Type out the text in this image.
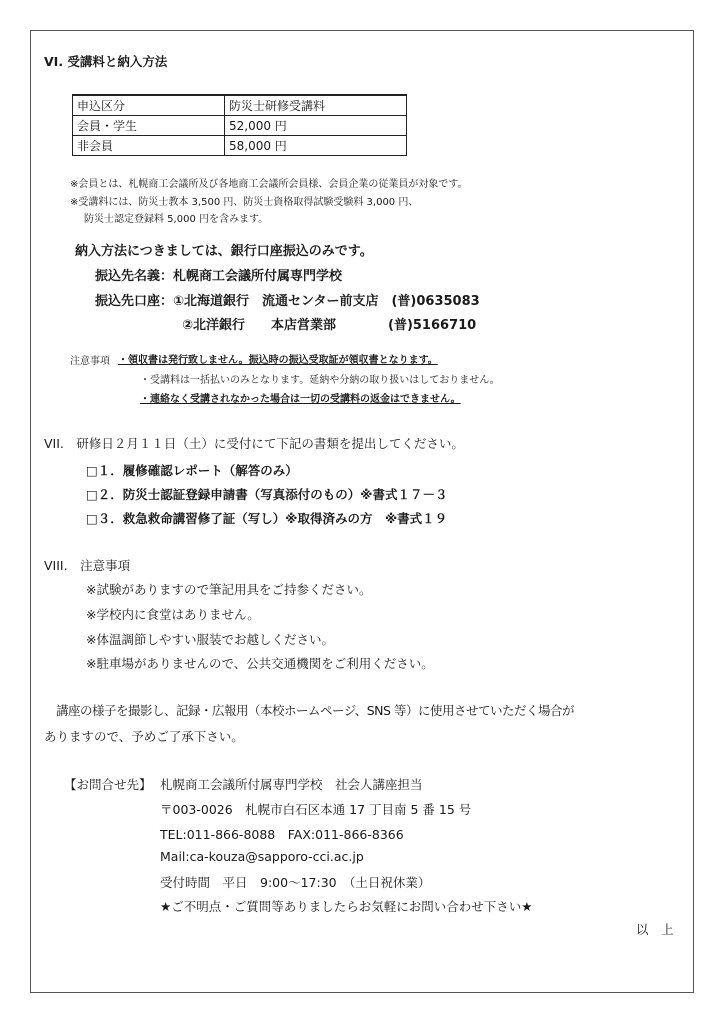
VI. 受講料と納入方法
申込区分	防災士研修受講料
会員・学生	52,000 円
非会員	58,000 円
※会員とは、札幌商工会議所及び各地商工会議所会員様、会員企業の従業員が対象です。
※受講料には、防災士教本 3,500 円、防災士資格取得試験受験料 3,000 円、
防災士認定登録料 5,000 円を含みます。
納入方法につきましては、銀行口座振込のみです。
振込先名義：札幌商工会議所付属専門学校
振込先口座：①北海道銀行　流通センター前支店　(普)0635083
②北洋銀行　　本店営業部　　　　(普)5166710
注意事項 ・領収書は発行致しません。振込時の振込受取証が領収書となります。
・受講料は一括払いのみとなります。延納や分納の取り扱いはしておりません。
・連絡なく受講されなかった場合は一切の受講料の返金はできません。
VII.　研修日２月１１日（土）に受付にて下記の書類を提出してください。
□１．履修確認レポート（解答のみ）
□２．防災士認証登録申請書（写真添付のもの）※書式１７－３
□３．救急救命講習修了証（写し）※取得済みの方　※書式１９
VIII.　注意事項
※試験がありますので筆記用具をご持参ください。
※学校内に食堂はありません。
※体温調節しやすい服装でお越しください。
※駐車場がありませんので、公共交通機関をご利用ください。
講座の様子を撮影し、記録・広報用（本校ホームページ、SNS 等）に使用させていただく場合が
ありますので、予めご了承下さい。
【お問合せ先】 札幌商工会議所付属専門学校　社会人講座担当
〒003-0026　札幌市白石区本通 17 丁目南 5 番 15 号
TEL:011-866-8088　FAX:011-866-8366
Mail:ca-kouza@sapporo-cci.ac.jp
受付時間　平日　9:00～17:30　（土日祝休業）
★ご不明点・ご質問等ありましたらお気軽にお問い合わせ下さい★
以　上
